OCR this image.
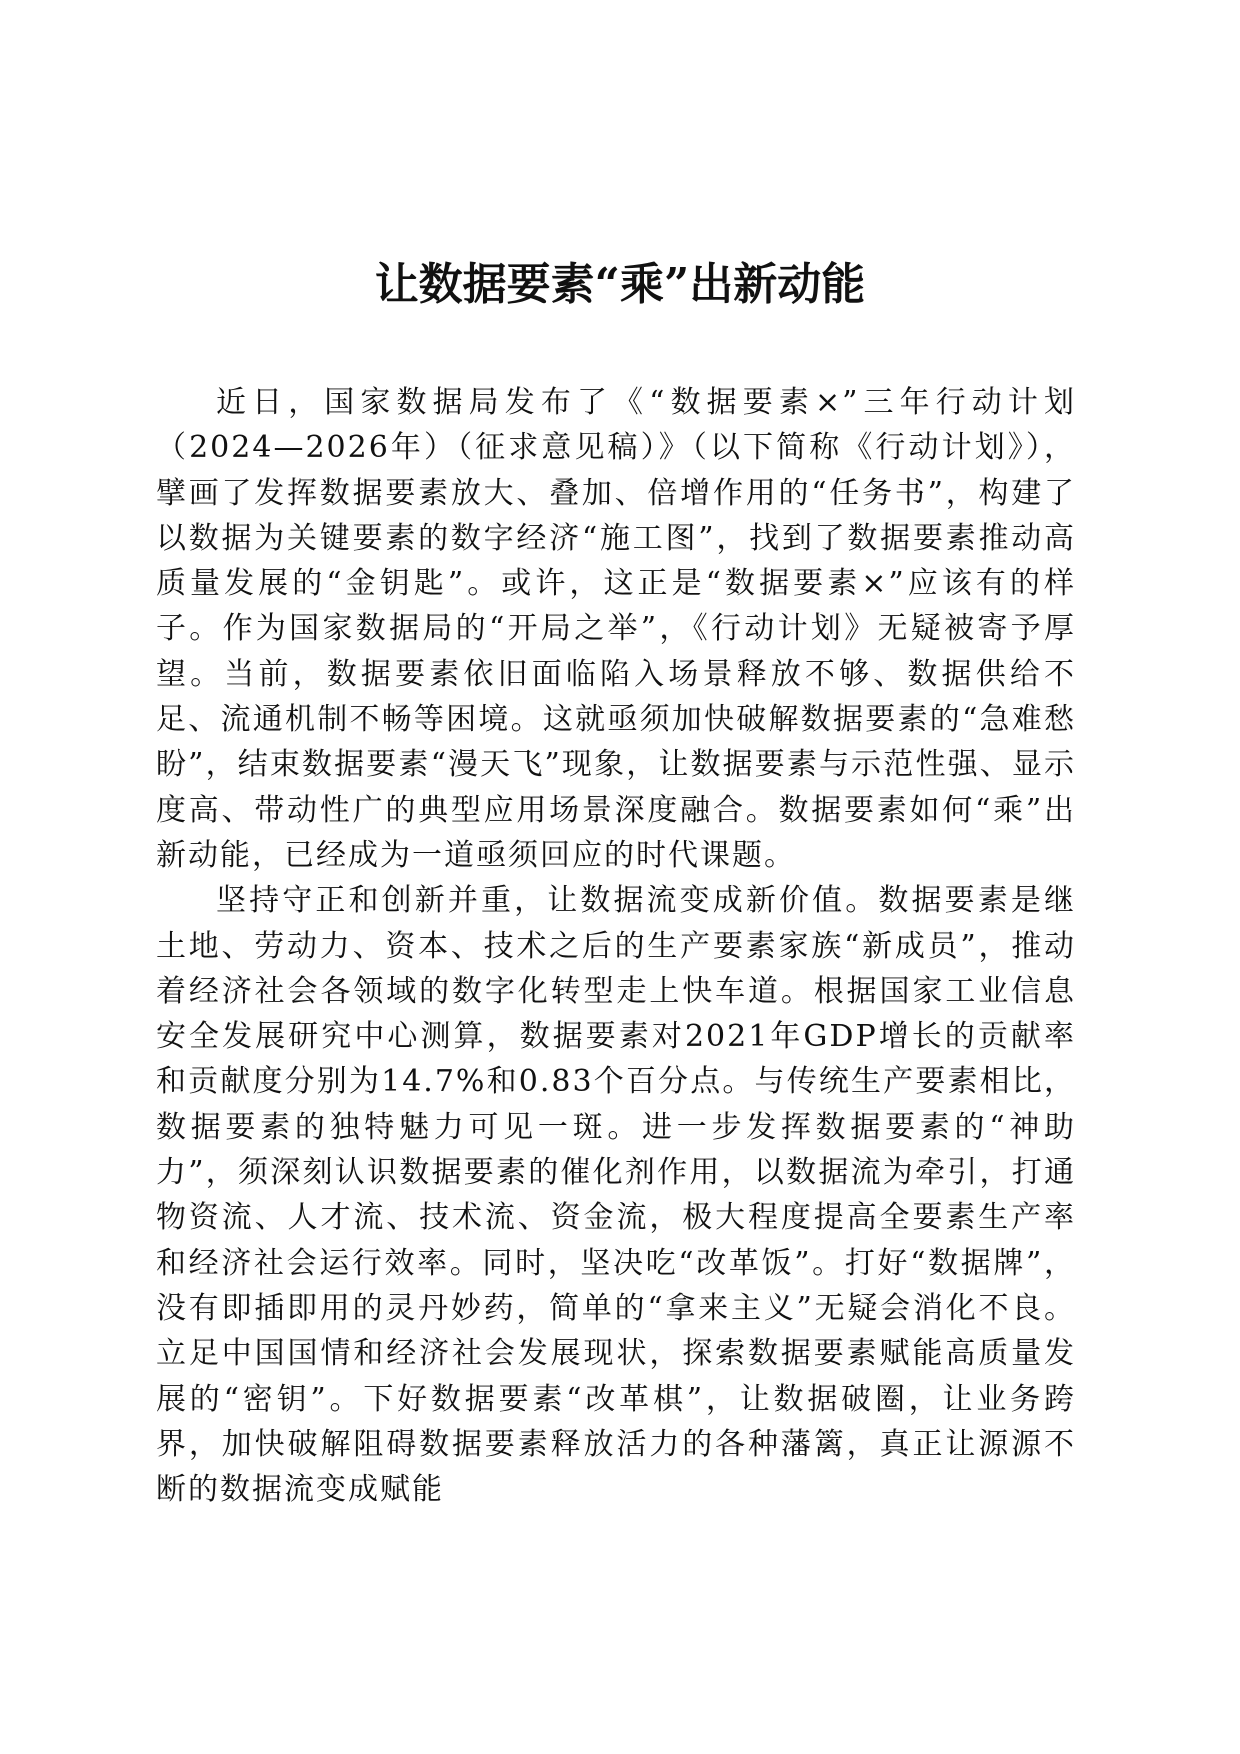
让数据要素“乘”出新动能

近日，国家数据局发布了《“数据要素×”三年行动计划（2024—2026年）（征求意见稿）》（以下简称《行动计划》），擘画了发挥数据要素放大、叠加、倍增作用的“任务书”，构建了以数据为关键要素的数字经济“施工图”，找到了数据要素推动高质量发展的“金钥匙”。或许，这正是“数据要素×”应该有的样子。作为国家数据局的“开局之举”，《行动计划》无疑被寄予厚望。当前，数据要素依旧面临陷入场景释放不够、数据供给不足、流通机制不畅等困境。这就亟须加快破解数据要素的“急难愁盼”，结束数据要素“漫天飞”现象，让数据要素与示范性强、显示度高、带动性广的典型应用场景深度融合。数据要素如何“乘”出新动能，已经成为一道亟须回应的时代课题。

坚持守正和创新并重，让数据流变成新价值。数据要素是继土地、劳动力、资本、技术之后的生产要素家族“新成员”，推动着经济社会各领域的数字化转型走上快车道。根据国家工业信息安全发展研究中心测算，数据要素对2021年GDP增长的贡献率和贡献度分别为14.7%和0.83个百分点。与传统生产要素相比，数据要素的独特魅力可见一斑。进一步发挥数据要素的“神助力”，须深刻认识数据要素的催化剂作用，以数据流为牵引，打通物资流、人才流、技术流、资金流，极大程度提高全要素生产率和经济社会运行效率。同时，坚决吃“改革饭”。打好“数据牌”，没有即插即用的灵丹妙药，简单的“拿来主义”无疑会消化不良。立足中国国情和经济社会发展现状，探索数据要素赋能高质量发展的“密钥”。下好数据要素“改革棋”，让数据破圈，让业务跨界，加快破解阻碍数据要素释放活力的各种藩篱，真正让源源不断的数据流变成赋能
